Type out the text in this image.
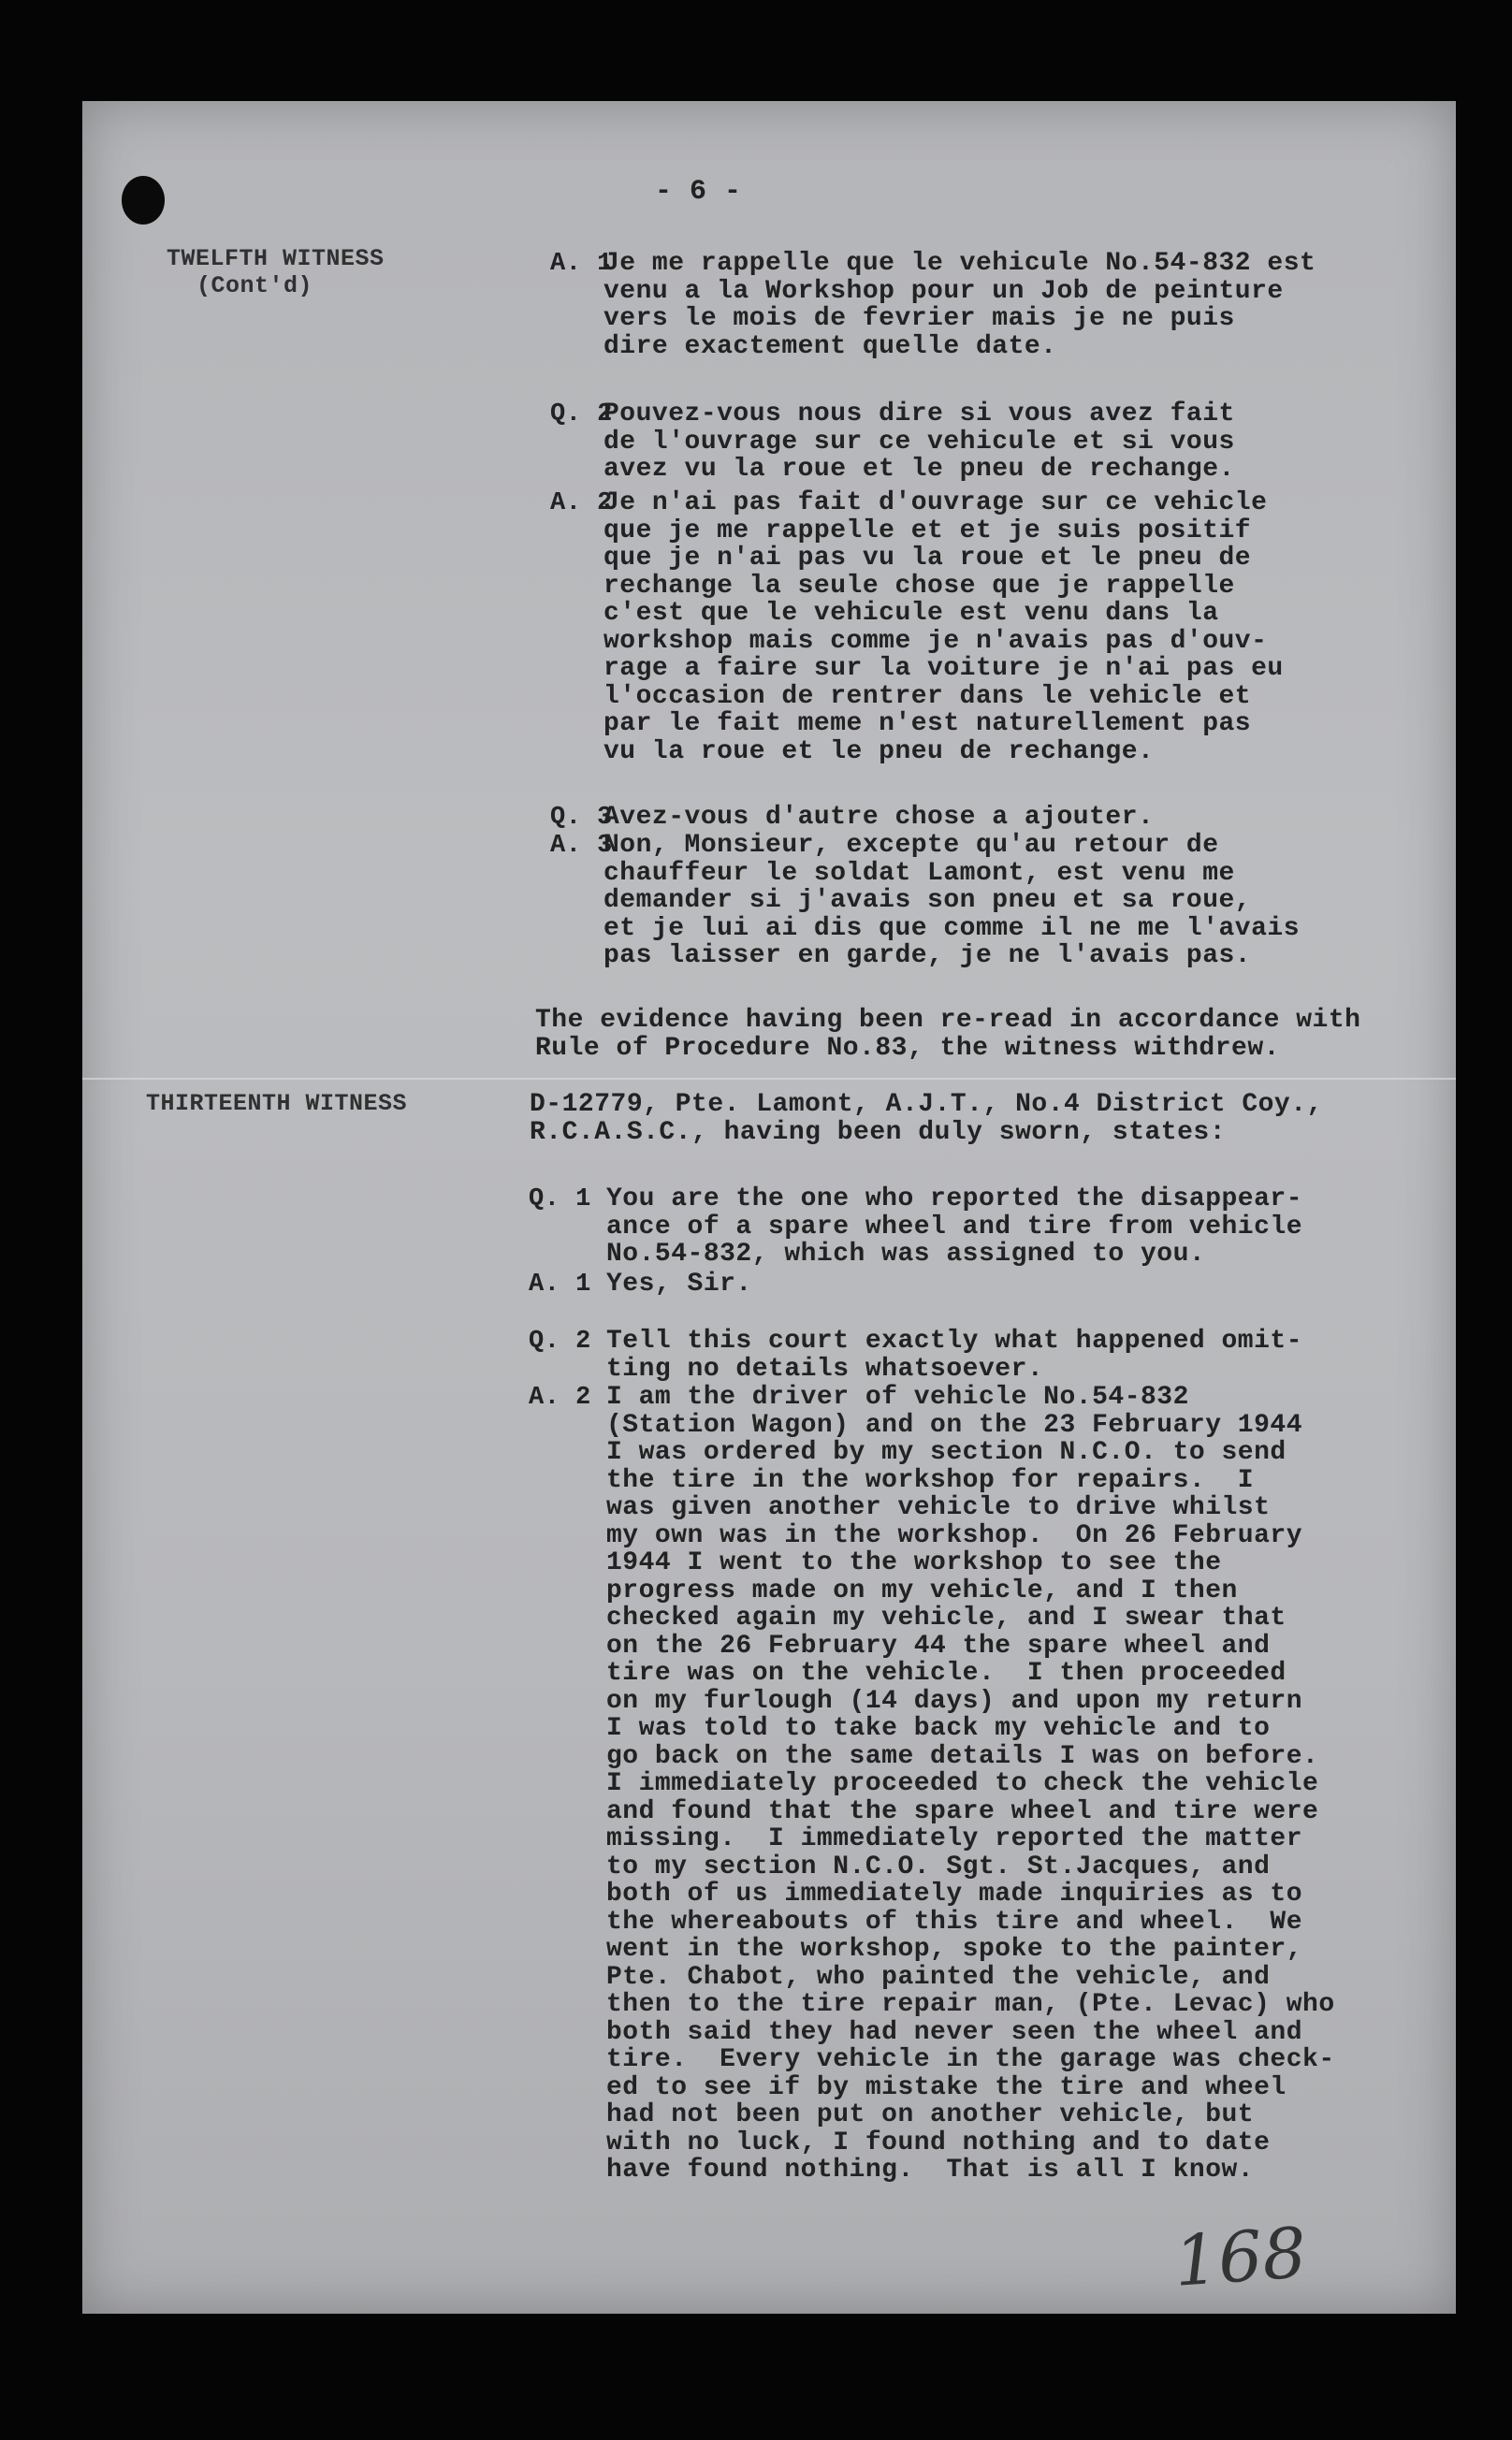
- 6 -
TWELFTH WITNESS
(Cont'd)
A. 1
Je me rappelle que le vehicule No.54-832 est
venu a la Workshop pour un Job de peinture
vers le mois de fevrier mais je ne puis
dire exactement quelle date.
Q. 2
Pouvez-vous nous dire si vous avez fait
de l'ouvrage sur ce vehicule et si vous
avez vu la roue et le pneu de rechange.
A. 2
Je n'ai pas fait d'ouvrage sur ce vehicle
que je me rappelle et et je suis positif
que je n'ai pas vu la roue et le pneu de
rechange la seule chose que je rappelle
c'est que le vehicule est venu dans la
workshop mais comme je n'avais pas d'ouv-
rage a faire sur la voiture je n'ai pas eu
l'occasion de rentrer dans le vehicle et
par le fait meme n'est naturellement pas
vu la roue et le pneu de rechange.
Q. 3
Avez-vous d'autre chose a ajouter.
A. 3
Non, Monsieur, excepte qu'au retour de
chauffeur le soldat Lamont, est venu me
demander si j'avais son pneu et sa roue,
et je lui ai dis que comme il ne me l'avais
pas laisser en garde, je ne l'avais pas.
The evidence having been re-read in accordance with
Rule of Procedure No.83, the witness withdrew.
THIRTEENTH WITNESS	D-12779, Pte. Lamont, A.J.T., No.4 District Coy.,
R.C.A.S.C., having been duly sworn, states:
Q. 1 You are the one who reported the disappear-
ance of a spare wheel and tire from vehicle
No.54-832, which was assigned to you.
A. 1 Yes, Sir.
Q. 2 Tell this court exactly what happened omit-
ting no details whatsoever.
A. 2 I am the driver of vehicle No.54-832
(Station Wagon) and on the 23 February 1944
I was ordered by my section N.C.O. to send
the tire in the workshop for repairs.  I
was given another vehicle to drive whilst
my own was in the workshop.  On 26 February
1944 I went to the workshop to see the
progress made on my vehicle, and I then
checked again my vehicle, and I swear that
on the 26 February 44 the spare wheel and
tire was on the vehicle.  I then proceeded
on my furlough (14 days) and upon my return
I was told to take back my vehicle and to
go back on the same details I was on before.
I immediately proceeded to check the vehicle
and found that the spare wheel and tire were
missing.  I immediately reported the matter
to my section N.C.O. Sgt. St.Jacques, and
both of us immediately made inquiries as to
the whereabouts of this tire and wheel.  We
went in the workshop, spoke to the painter,
Pte. Chabot, who painted the vehicle, and
then to the tire repair man, (Pte. Levac) who
both said they had never seen the wheel and
tire.  Every vehicle in the garage was check-
ed to see if by mistake the tire and wheel
had not been put on another vehicle, but
with no luck, I found nothing and to date
have found nothing.  That is all I know.
168
